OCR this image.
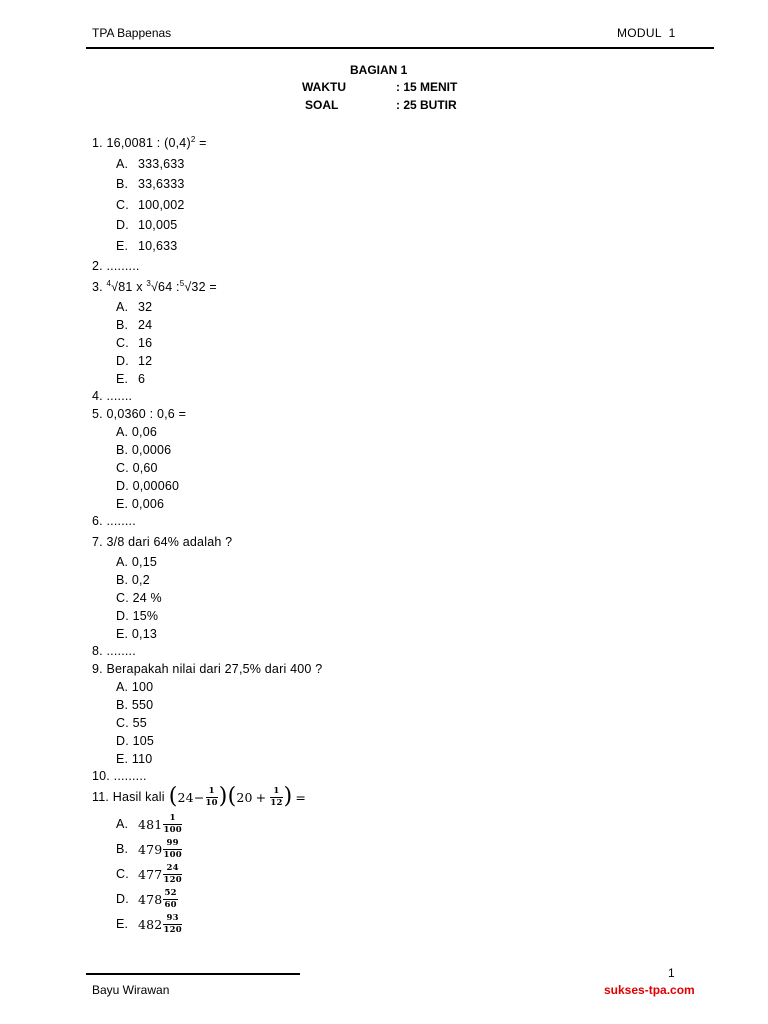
TPA Bappenas	MODUL  1
BAGIAN 1
WAKTU	: 15 MENIT
SOAL	: 25 BUTIR
1. 16,0081 : $(0,4)^2$ =
A. 333,633
B. 33,6333
C. 100,002
D. 10,005
E. 10,633
2. .........
3. $^4$√81 x $^3$√64 :$^5$√32 =
A. 32
B. 24
C. 16
D. 12
E. 6
4. .......
5. 0,0360 : 0,6 =
A. 0,06
B. 0,0006
C. 0,60
D. 0,00060
E. 0,006
6. ........
7. 3/8 dari 64% adalah ?
A. 0,15
B. 0,2
C. 24 %
D. 15%
E. 0,13
8. ........
9. Berapakah nilai dari 27,5% dari 400 ?
A. 100
B. 550
C. 55
D. 105
E. 110
10. .........
11. Hasil kali ( $24 - \frac{1}{10}$ ) ( $20 + \frac{1}{12}$ ) =
A. $481 \frac{1}{100}$
B. $479 \frac{99}{100}$
C. $477 \frac{24}{120}$
D. $478 \frac{52}{60}$
E. $482 \frac{93}{120}$
1
Bayu Wirawan	sukses-tpa.com
